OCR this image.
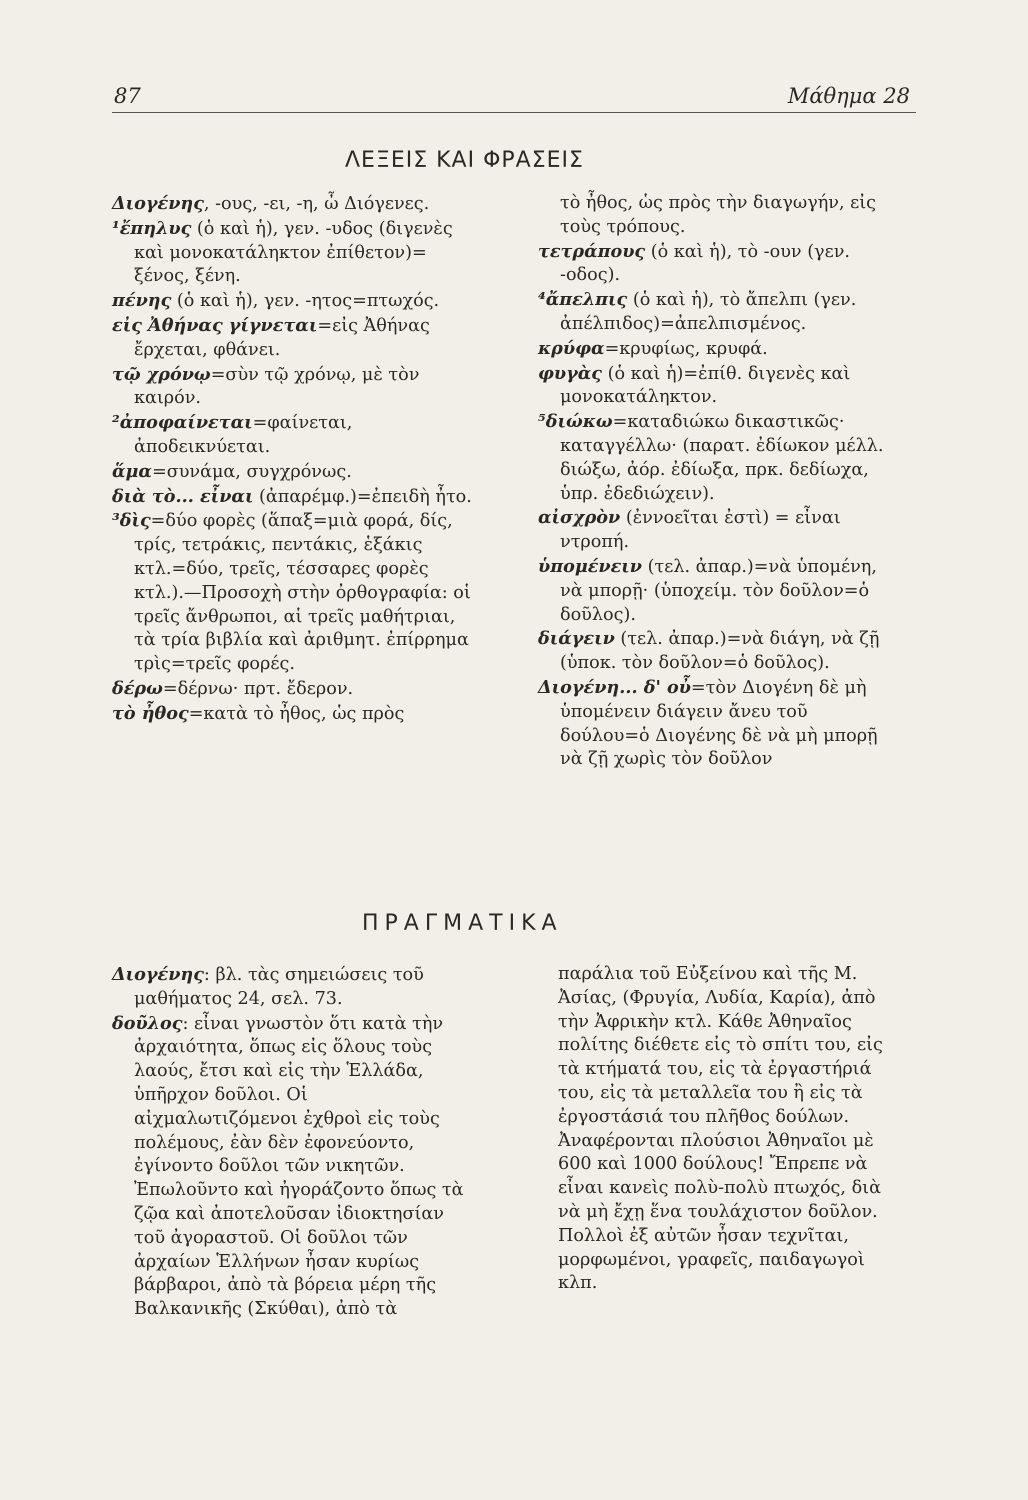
87	Μάθημα 28
ΛΕΞΕΙΣ ΚΑΙ ΦΡΑΣΕΙΣ

Διογένης, -ους, -ει, -η, ὦ Διόγενες.

¹ἔπηλυς (ὁ καὶ ἡ), γεν. -υδος (διγενὲς καὶ μονοκατάληκτον ἐπίθετον)= ξένος, ξένη.

πένης (ὁ καὶ ἡ), γεν. -ητος=πτωχός.

εἰς Ἀθήνας γίγνεται=εἰς Ἀθήνας ἔρχεται, φθάνει.

τῷ χρόνῳ=σὺν τῷ χρόνῳ, μὲ τὸν καιρόν.

²ἀποφαίνεται=φαίνεται, ἀποδεικνύεται.

ἅμα=συνάμα, συγχρόνως.

διὰ τὸ... εἶναι (ἀπαρέμφ.)=ἐπειδὴ ἦτο.

³δὶς=δύο φορὲς (ἅπαξ=μιὰ φορά, δίς, τρίς, τετράκις, πεντάκις, ἑξάκις κτλ.=δύο, τρεῖς, τέσσαρες φορὲς κτλ.).—Προσοχὴ στὴν ὀρθογραφία: οἱ τρεῖς ἄνθρωποι, αἱ τρεῖς μαθήτριαι, τὰ τρία βιβλία καὶ ἀριθμητ. ἐπίρρημα τρὶς=τρεῖς φορές.

δέρω=δέρνω· πρτ. ἔδερον.

τὸ ἦθος=κατὰ τὸ ἦθος, ὡς πρὸς

τὸ ἦθος, ὡς πρὸς τὴν διαγωγήν, εἰς τοὺς τρόπους.

τετράπους (ὁ καὶ ἡ), τὸ -ουν (γεν. -οδος).

⁴ἄπελπις (ὁ καὶ ἡ), τὸ ἄπελπι (γεν. ἀπέλπιδος)=ἀπελπισμένος.

κρύφα=κρυφίως, κρυφά.

φυγὰς (ὁ καὶ ἡ)=ἐπίθ. διγενὲς καὶ μονοκατάληκτον.

⁵διώκω=καταδιώκω δικαστικῶς· καταγγέλλω· (παρατ. ἐδίωκον μέλλ. διώξω, ἀόρ. ἐδίωξα, πρκ. δεδίωχα, ὑπρ. ἐδεδιώχειν).

αἰσχρὸν (ἐννοεῖται ἐστὶ) = εἶναι ντροπή.

ὑπομένειν (τελ. ἀπαρ.)=νὰ ὑπομένη, νὰ μπορῇ· (ὑποχείμ. τὸν δοῦλον=ὁ δοῦλος).

διάγειν (τελ. ἀπαρ.)=νὰ διάγη, νὰ ζῇ (ὑποκ. τὸν δοῦλον=ὁ δοῦλος).

Διογένη... δ' οὖ=τὸν Διογένη δὲ μὴ ὑπομένειν διάγειν ἄνευ τοῦ δούλου=ὁ Διογένης δὲ νὰ μὴ μπορῇ νὰ ζῇ χωρὶς τὸν δοῦλον

ΠΡΑΓΜΑΤΙΚΑ

Διογένης: βλ. τὰς σημειώσεις τοῦ μαθήματος 24, σελ. 73.

δοῦλος: εἶναι γνωστὸν ὅτι κατὰ τὴν ἀρχαιότητα, ὅπως εἰς ὅλους τοὺς λαούς, ἔτσι καὶ εἰς τὴν Ἑλλάδα, ὑπῆρχον δοῦλοι. Οἱ αἰχμαλωτιζόμενοι ἐχθροὶ εἰς τοὺς πολέμους, ἐὰν δὲν ἐφονεύοντο, ἐγίνοντο δοῦλοι τῶν νικητῶν. Ἐπωλοῦντο καὶ ἠγοράζοντο ὅπως τὰ ζῷα καὶ ἀποτελοῦσαν ἰδιοκτησίαν τοῦ ἀγοραστοῦ. Οἱ δοῦλοι τῶν ἀρχαίων Ἑλλήνων ἦσαν κυρίως βάρβαροι, ἀπὸ τὰ βόρεια μέρη τῆς Βαλκανικῆς (Σκύθαι), ἀπὸ τὰ

παράλια τοῦ Εὐξείνου καὶ τῆς Μ. Ἀσίας, (Φρυγία, Λυδία, Καρία), ἀπὸ τὴν Ἀφρικὴν κτλ. Κάθε Ἀθηναῖος πολίτης διέθετε εἰς τὸ σπίτι του, εἰς τὰ κτήματά του, εἰς τὰ ἐργαστήριά του, εἰς τὰ μεταλλεῖα του ἢ εἰς τὰ ἐργοστάσιά του πλῆθος δούλων. Ἀναφέρονται πλούσιοι Ἀθηναῖοι μὲ 600 καὶ 1000 δούλους! Ἔπρεπε νὰ εἶναι κανεὶς πολὺ-πολὺ πτωχός, διὰ νὰ μὴ ἔχῃ ἕνα τουλάχιστον δοῦλον. Πολλοὶ ἐξ αὐτῶν ἦσαν τεχνῖται, μορφωμένοι, γραφεῖς, παιδαγωγοὶ κλπ.
